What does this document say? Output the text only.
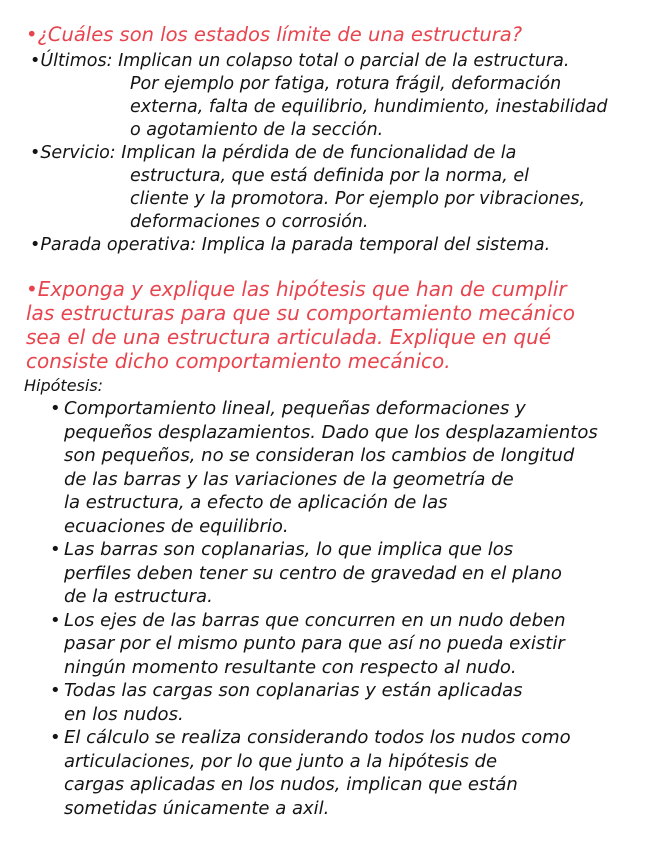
•¿Cuáles son los estados límite de una estructura?
•Últimos: Implican un colapso total o parcial de la estructura.
Por ejemplo por fatiga, rotura frágil, deformación
externa, falta de equilibrio, hundimiento, inestabilidad
o agotamiento de la sección.
•Servicio: Implican la pérdida de de funcionalidad de la
estructura, que está definida por la norma, el
cliente y la promotora. Por ejemplo por vibraciones,
deformaciones o corrosión.
•Parada operativa: Implica la parada temporal del sistema.
•Exponga y explique las hipótesis que han de cumplir
las estructuras para que su comportamiento mecánico
sea el de una estructura articulada. Explique en qué
consiste dicho comportamiento mecánico.
Hipótesis:
• Comportamiento lineal, pequeñas deformaciones y
pequeños desplazamientos. Dado que los desplazamientos
son pequeños, no se consideran los cambios de longitud
de las barras y las variaciones de la geometría de
la estructura, a efecto de aplicación de las
ecuaciones de equilibrio.
• Las barras son coplanarias, lo que implica que los
perfiles deben tener su centro de gravedad en el plano
de la estructura.
• Los ejes de las barras que concurren en un nudo deben
pasar por el mismo punto para que así no pueda existir
ningún momento resultante con respecto al nudo.
• Todas las cargas son coplanarias y están aplicadas
en los nudos.
• El cálculo se realiza considerando todos los nudos como
articulaciones, por lo que junto a la hipótesis de
cargas aplicadas en los nudos, implican que están
sometidas únicamente a axil.
